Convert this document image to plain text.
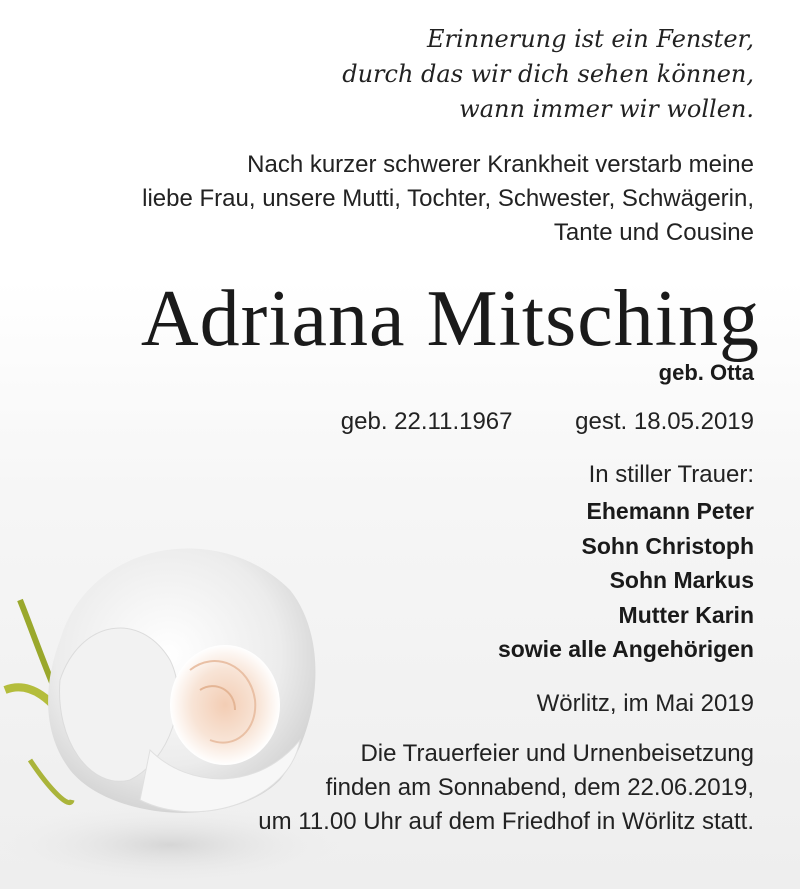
Erinnerung ist ein Fenster,
durch das wir dich sehen können,
wann immer wir wollen.
Nach kurzer schwerer Krankheit verstarb meine
liebe Frau, unsere Mutti, Tochter, Schwester, Schwägerin,
Tante und Cousine
Adriana Mitsching
geb. Otta
geb. 22.11.1967	gest. 18.05.2019
In stiller Trauer:
Ehemann Peter
Sohn Christoph
Sohn Markus
Mutter Karin
sowie alle Angehörigen
Wörlitz, im Mai 2019
Die Trauerfeier und Urnenbeisetzung
finden am Sonnabend, dem 22.06.2019,
um 11.00 Uhr auf dem Friedhof in Wörlitz statt.
